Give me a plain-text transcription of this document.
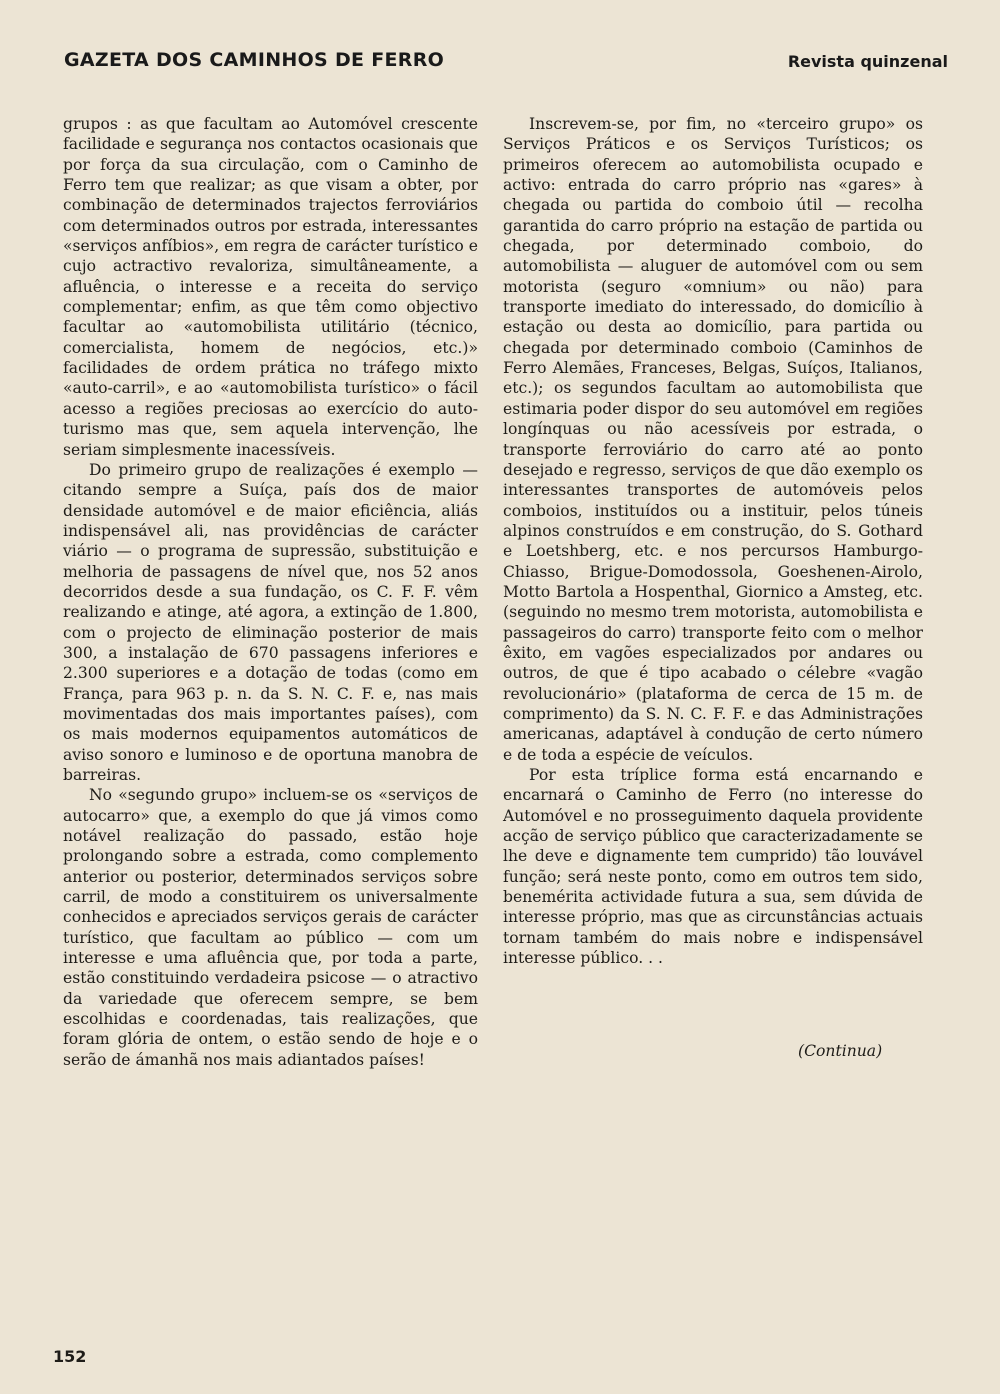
GAZETA DOS CAMINHOS DE FERRO	Revista quinzenal

grupos : as que facultam ao Automóvel crescente facilidade e segurança nos contactos ocasionais que por força da sua circulação, com o Caminho de Ferro tem que realizar; as que visam a obter, por combinação de determinados trajectos ferroviários com determinados outros por estrada, interessantes «serviços anfíbios», em regra de carácter turístico e cujo actractivo revaloriza, simultâneamente, a afluência, o interesse e a receita do serviço complementar; enfim, as que têm como objectivo facultar ao «automobilista utilitário (técnico, comercialista, homem de negócios, etc.)» facilidades de ordem prática no tráfego mixto «auto-carril», e ao «automobilista turístico» o fácil acesso a regiões preciosas ao exercício do auto-turismo mas que, sem aquela intervenção, lhe seriam simplesmente inacessíveis.

Do primeiro grupo de realizações é exemplo — citando sempre a Suíça, país dos de maior densidade automóvel e de maior eficiência, aliás indispensável ali, nas providências de carácter viário — o programa de supressão, substituição e melhoria de passagens de nível que, nos 52 anos decorridos desde a sua fundação, os C. F. F. vêm realizando e atinge, até agora, a extinção de 1.800, com o projecto de eliminação posterior de mais 300, a instalação de 670 passagens inferiores e 2.300 superiores e a dotação de todas (como em França, para 963 p. n. da S. N. C. F. e, nas mais movimentadas dos mais importantes países), com os mais modernos equipamentos automáticos de aviso sonoro e luminoso e de oportuna manobra de barreiras.

No «segundo grupo» incluem-se os «serviços de autocarro» que, a exemplo do que já vimos como notável realização do passado, estão hoje prolongando sobre a estrada, como complemento anterior ou posterior, determinados serviços sobre carril, de modo a constituirem os universalmente conhecidos e apreciados serviços gerais de carácter turístico, que facultam ao público — com um interesse e uma afluência que, por toda a parte, estão constituindo verdadeira psicose — o atractivo da variedade que oferecem sempre, se bem escolhidas e coordenadas, tais realizações, que foram glória de ontem, o estão sendo de hoje e o serão de ámanhã nos mais adiantados países!

Inscrevem-se, por fim, no «terceiro grupo» os Serviços Práticos e os Serviços Turísticos; os primeiros oferecem ao automobilista ocupado e activo: entrada do carro próprio nas «gares» à chegada ou partida do comboio útil — recolha garantida do carro próprio na estação de partida ou chegada, por determinado comboio, do automobilista — aluguer de automóvel com ou sem motorista (seguro «omnium» ou não) para transporte imediato do interessado, do domicílio à estação ou desta ao domicílio, para partida ou chegada por determinado comboio (Caminhos de Ferro Alemães, Franceses, Belgas, Suíços, Italianos, etc.); os segundos facultam ao automobilista que estimaria poder dispor do seu automóvel em regiões longínquas ou não acessíveis por estrada, o transporte ferroviário do carro até ao ponto desejado e regresso, serviços de que dão exemplo os interessantes transportes de automóveis pelos comboios, instituídos ou a instituir, pelos túneis alpinos construídos e em construção, do S. Gothard e Loetshberg, etc. e nos percursos Hamburgo-Chiasso, Brigue-Domodossola, Goeshenen-Airolo, Motto Bartola a Hospenthal, Giornico a Amsteg, etc. (seguindo no mesmo trem motorista, automobilista e passageiros do carro) transporte feito com o melhor êxito, em vagões especializados por andares ou outros, de que é tipo acabado o célebre «vagão revolucionário» (plataforma de cerca de 15 m. de comprimento) da S. N. C. F. F. e das Administrações americanas, adaptável à condução de certo número e de toda a espécie de veículos.

Por esta tríplice forma está encarnando e encarnará o Caminho de Ferro (no interesse do Automóvel e no prosseguimento daquela providente acção de serviço público que caracterizadamente se lhe deve e dignamente tem cumprido) tão louvável função; será neste ponto, como em outros tem sido, benemérita actividade futura a sua, sem dúvida de interesse próprio, mas que as circunstâncias actuais tornam também do mais nobre e indispensável interesse público. . .

(Continua)
152
